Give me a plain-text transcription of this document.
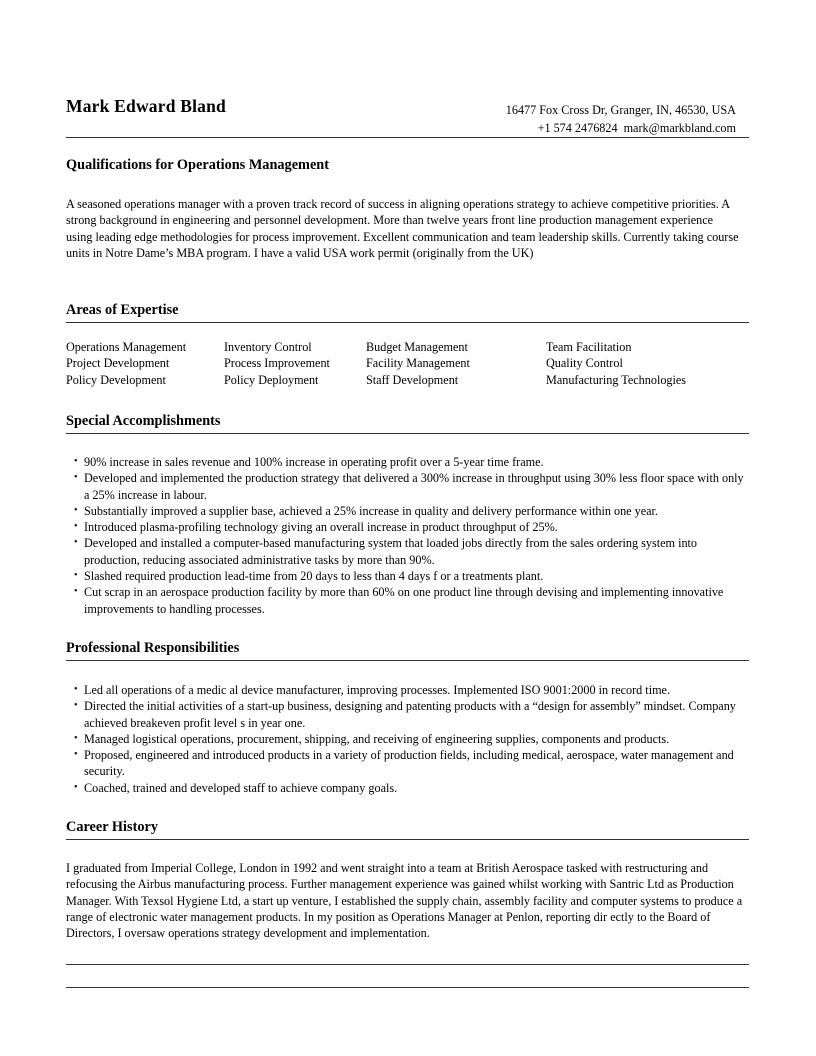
Mark Edward Bland	16477 Fox Cross Dr, Granger, IN, 46530, USA
+1 574 2476824 mark@markbland.com
Qualifications for Operations Management
A seasoned operations manager with a proven track record of success in aligning operations strategy to achieve competitive priorities. A strong background in engineering and personnel development. More than twelve years front line production management experience using leading edge methodologies for process improvement. Excellent communication and team leadership skills. Currently taking course units in Notre Dame’s MBA program. I have a valid USA work permit (originally from the UK)
Areas of Expertise
Operations Management
Project Development
Policy Development
Inventory Control
Process Improvement
Policy Deployment
Budget Management
Facility Management
Staff Development
Team Facilitation
Quality Control
Manufacturing Technologies
Special Accomplishments
• 90% increase in sales revenue and 100% increase in operating profit over a 5-year time frame.
• Developed and implemented the production strategy that delivered a 300% increase in throughput using 30% less floor space with only a 25% increase in labour.
• Substantially improved a supplier base, achieved a 25% increase in quality and delivery performance within one year.
• Introduced plasma-profiling technology giving an overall increase in product throughput of 25%.
• Developed and installed a computer-based manufacturing system that loaded jobs directly from the sales ordering system into production, reducing associated administrative tasks by more than 90%.
• Slashed required production lead-time from 20 days to less than 4 days f or a treatments plant.
• Cut scrap in an aerospace production facility by more than 60% on one product line through devising and implementing innovative improvements to handling processes.
Professional Responsibilities
• Led all operations of a medic al device manufacturer, improving processes. Implemented ISO 9001:2000 in record time.
• Directed the initial activities of a start-up business, designing and patenting products with a “design for assembly” mindset. Company achieved breakeven profit level s in year one.
• Managed logistical operations, procurement, shipping, and receiving of engineering supplies, components and products.
• Proposed, engineered and introduced products in a variety of production fields, including medical, aerospace, water management and security.
• Coached, trained and developed staff to achieve company goals.
Career History
I graduated from Imperial College, London in 1992 and went straight into a team at British Aerospace tasked with restructuring and refocusing the Airbus manufacturing process. Further management experience was gained whilst working with Santric Ltd as Production Manager. With Texsol Hygiene Ltd, a start up venture, I established the supply chain, assembly facility and computer systems to produce a range of electronic water management products. In my position as Operations Manager at Penlon, reporting dir ectly to the Board of Directors, I oversaw operations strategy development and implementation.
